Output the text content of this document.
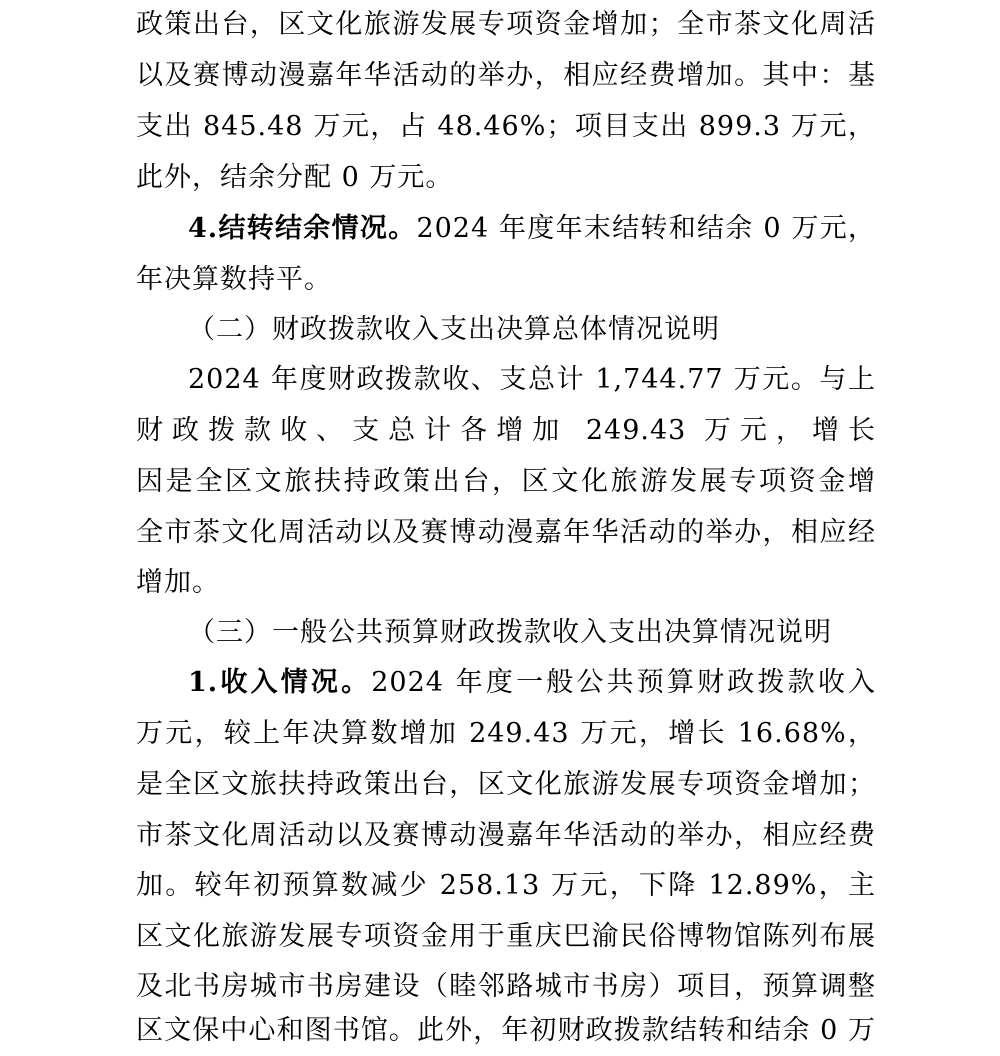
政策出台，区文化旅游发展专项资金增加；全市茶文化周活
以及赛博动漫嘉年华活动的举办，相应经费增加。其中：基
支出 845.48 万元，占 48.46%；项目支出 899.3 万元，
此外，结余分配 0 万元。
4.结转结余情况。2024 年度年末结转和结余 0 万元，
年决算数持平。
（二）财政拨款收入支出决算总体情况说明
2024 年度财政拨款收、支总计 1,744.77 万元。与上
财政拨款收、支总计各增加 249.43 万元，增长
因是全区文旅扶持政策出台，区文化旅游发展专项资金增
全市茶文化周活动以及赛博动漫嘉年华活动的举办，相应经
增加。
（三）一般公共预算财政拨款收入支出决算情况说明
1.收入情况。2024 年度一般公共预算财政拨款收入
万元，较上年决算数增加 249.43 万元，增长 16.68%，
是全区文旅扶持政策出台，区文化旅游发展专项资金增加；
市茶文化周活动以及赛博动漫嘉年华活动的举办，相应经费
加。较年初预算数减少 258.13 万元，下降 12.89%，主
区文化旅游发展专项资金用于重庆巴渝民俗博物馆陈列布展
及北书房城市书房建设（睦邻路城市书房）项目，预算调整
区文保中心和图书馆。此外，年初财政拨款结转和结余 0 万
